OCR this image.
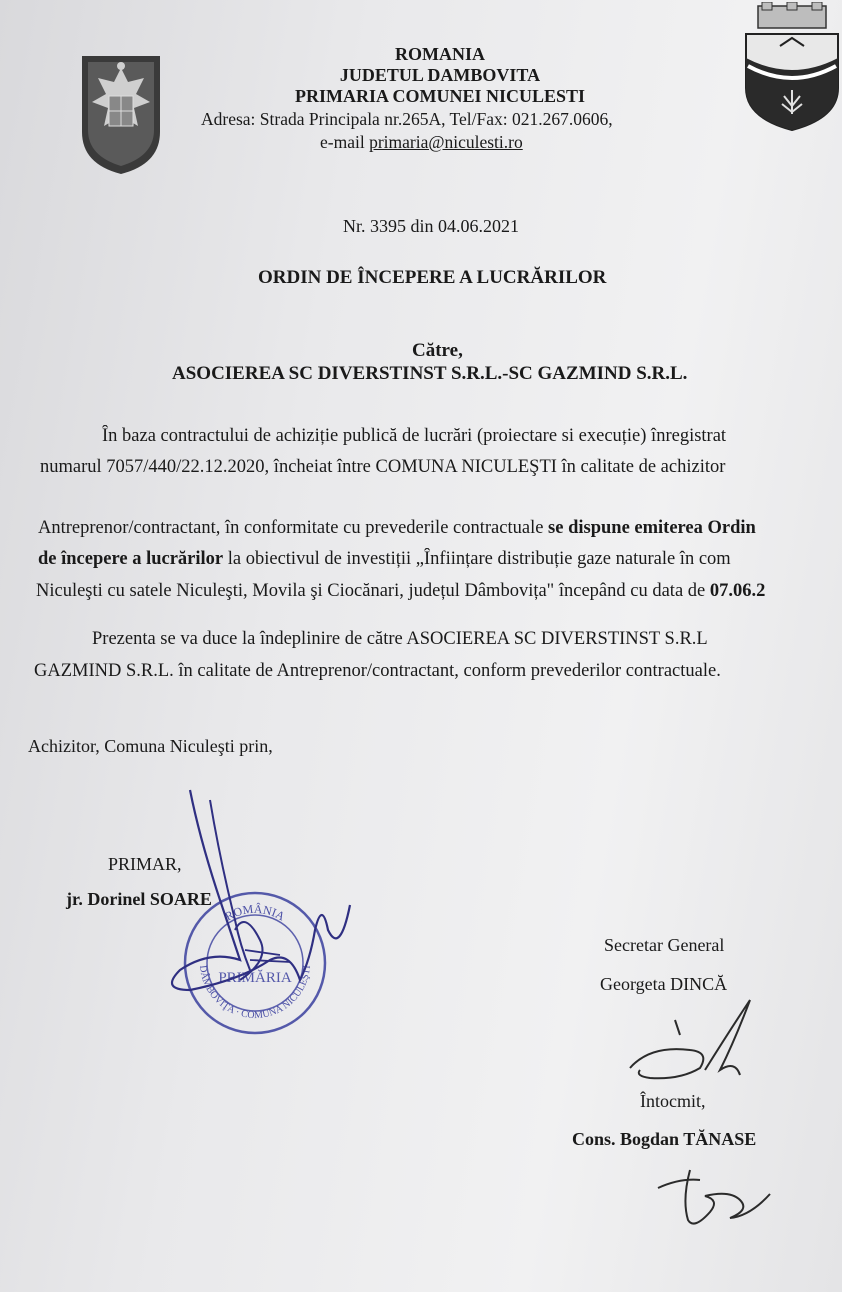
ROMANIA
JUDETUL DAMBOVITA
PRIMARIA COMUNEI NICULESTI
Adresa: Strada Principala nr.265A, Tel/Fax: 021.267.0606,
e-mail primaria@niculesti.ro
Nr. 3395 din 04.06.2021
ORDIN DE ÎNCEPERE A LUCRĂRILOR
Către,
ASOCIEREA SC DIVERSTINST S.R.L.-SC GAZMIND S.R.L.
În baza contractului de achiziție publică de lucrări (proiectare si execuție) înregistrat
numarul 7057/440/22.12.2020, încheiat între COMUNA NICULEŞTI în calitate de achizitor
Antreprenor/contractant, în conformitate cu prevederile contractuale se dispune emiterea Ordin
de începere a lucrărilor la obiectivul de investiții „Înființare distribuție gaze naturale în com
Niculeşti cu satele Niculeşti, Movila şi Ciocănari, județul Dâmbovița" începând cu data de 07.06.2
Prezenta se va duce la îndeplinire de către ASOCIEREA SC DIVERSTINST S.R.L
GAZMIND S.R.L. în calitate de Antreprenor/contractant, conform prevederilor contractuale.
Achizitor, Comuna Niculeşti prin,
PRIMAR,
jr. Dorinel SOARE
Secretar General
Georgeta DINCĂ
Întocmit,
Cons. Bogdan TĂNASE
ROMÂNIA
DÂMBOVIŢA · COMUNA NICULEŞTI
PRIMĂRIA
